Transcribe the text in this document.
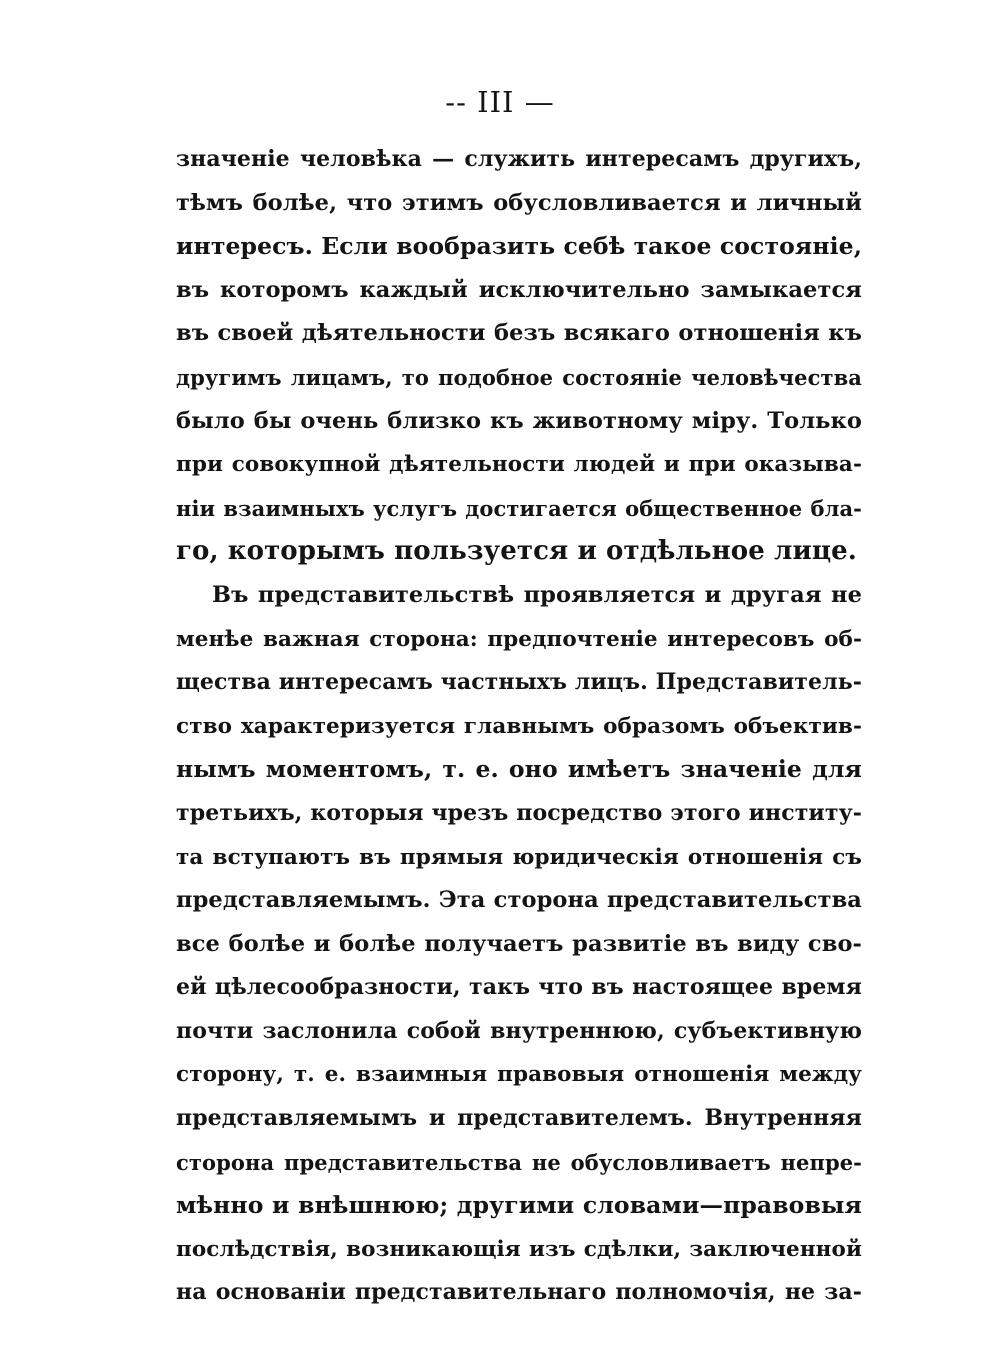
-- III —
значеніе человѣка — служить интересамъ другихъ,
тѣмъ болѣе, что этимъ обусловливается и личный
интересъ. Если вообразить себѣ такое состояніе,
въ которомъ каждый исключительно замыкается
въ своей дѣятельности безъ всякаго отношенія къ
другимъ лицамъ, то подобное состояніе человѣчества
было бы очень близко къ животному міру. Только
при совокупной дѣятельности людей и при оказыва-
ніи взаимныхъ услугъ достигается общественное бла-
го, которымъ пользуется и отдѣльное лице.
Въ представительствѣ проявляется и другая не
менѣе важная сторона: предпочтеніе интересовъ об-
щества интересамъ частныхъ лицъ. Представитель-
ство характеризуется главнымъ образомъ объектив-
нымъ моментомъ, т. е. оно имѣетъ значеніе для
третьихъ, которыя чрезъ посредство этого институ-
та вступаютъ въ прямыя юридическія отношенія съ
представляемымъ. Эта сторона представительства
все болѣе и болѣе получаетъ развитіе въ виду сво-
ей цѣлесообразности, такъ что въ настоящее время
почти заслонила собой внутреннюю, субъективную
сторону, т. е. взаимныя правовыя отношенія между
представляемымъ и представителемъ. Внутренняя
сторона представительства не обусловливаетъ непре-
мѣнно и внѣшнюю; другими словами—правовыя
послѣдствія, возникающія изъ сдѣлки, заключенной
на основаніи представительнаго полномочія, не за-
